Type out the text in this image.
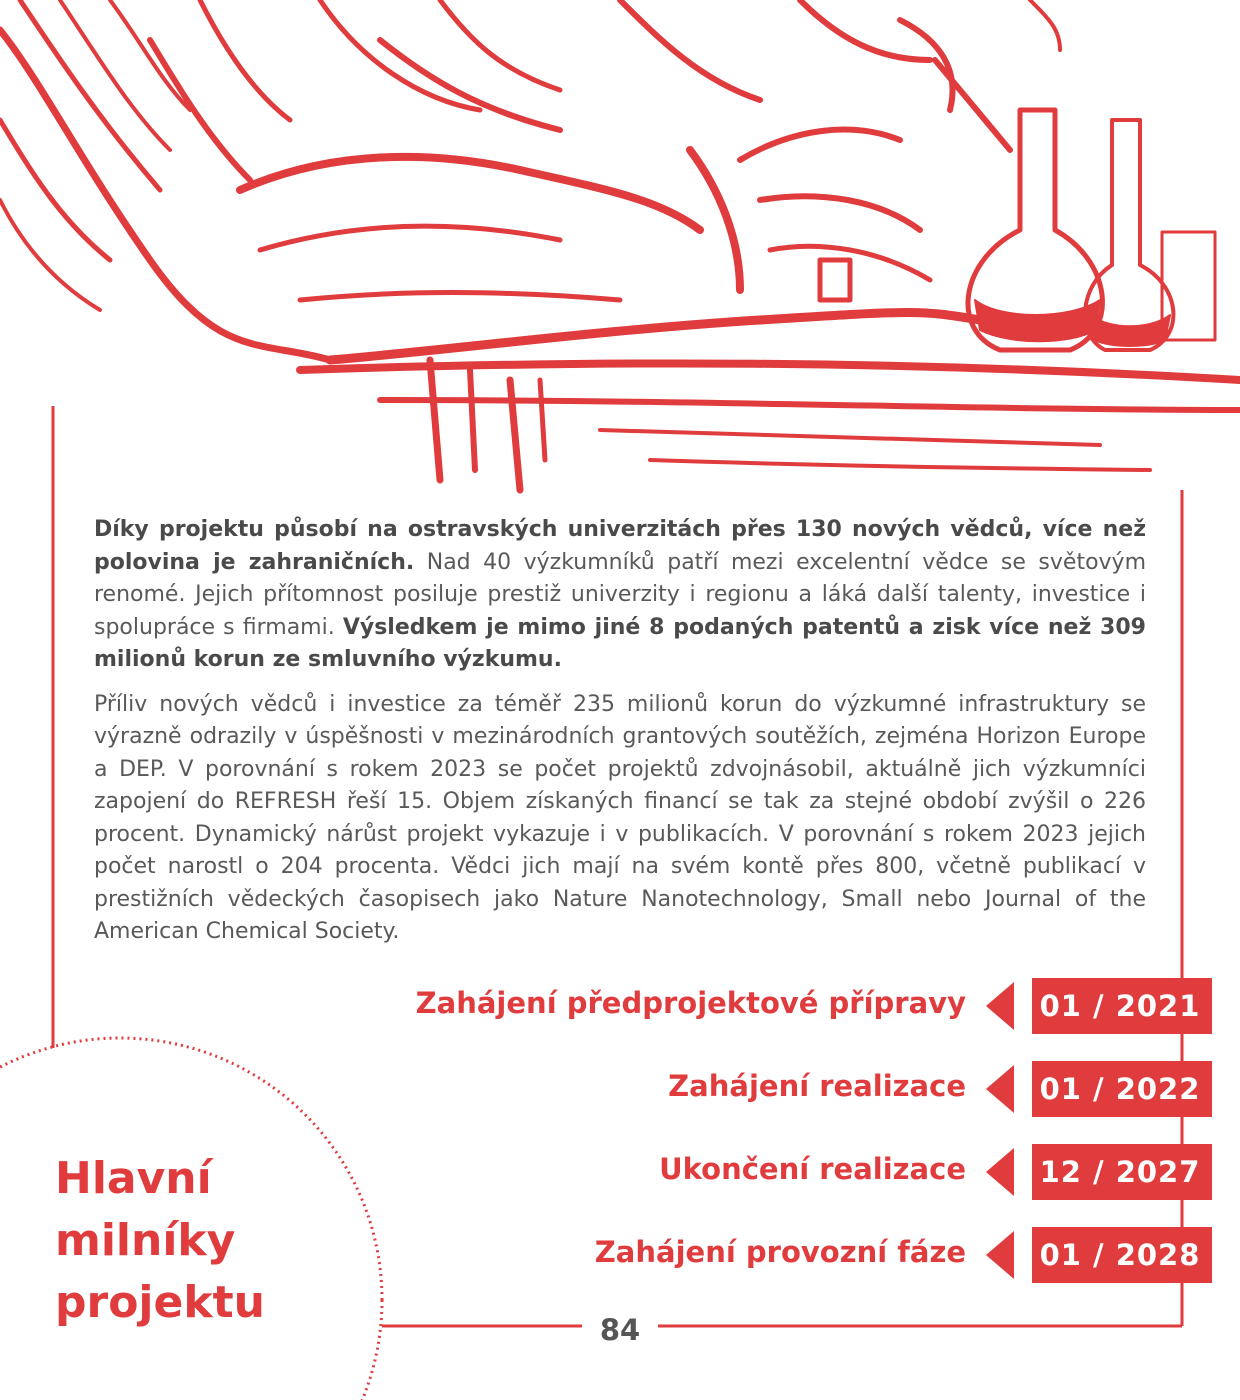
Díky projektu působí na ostravských univerzitách přes 130 nových vědců, více než polovina je zahraničních. Nad 40 výzkumníků patří mezi excelentní vědce se světovým renomé. Jejich přítomnost posiluje prestiž univerzity i regionu a láká další talenty, investice i spolupráce s firmami. Výsledkem je mimo jiné 8 podaných patentů a zisk více než 309 milionů korun ze smluvního výzkumu.

Příliv nových vědců i investice za téměř 235 milionů korun do výzkumné infrastruktury se výrazně odrazily v úspěšnosti v mezinárodních grantových soutěžích, zejména Horizon Europe a DEP. V porovnání s rokem 2023 se počet projektů zdvojnásobil, aktuálně jich výzkumníci zapojení do REFRESH řeší 15. Objem získaných financí se tak za stejné období zvýšil o 226 procent. Dynamický nárůst projekt vykazuje i v publikacích. V porovnání s rokem 2023 jejich počet narostl o 204 procenta. Vědci jich mají na svém kontě přes 800, včetně publikací v prestižních vědeckých časopisech jako Nature Nanotechnology, Small nebo Journal of the American Chemical Society.

Zahájení předprojektové přípravy	01 / 2021
Zahájení realizace	01 / 2022
Ukončení realizace	12 / 2027
Zahájení provozní fáze	01 / 2028
Hlavní
milníky
projektu
84
